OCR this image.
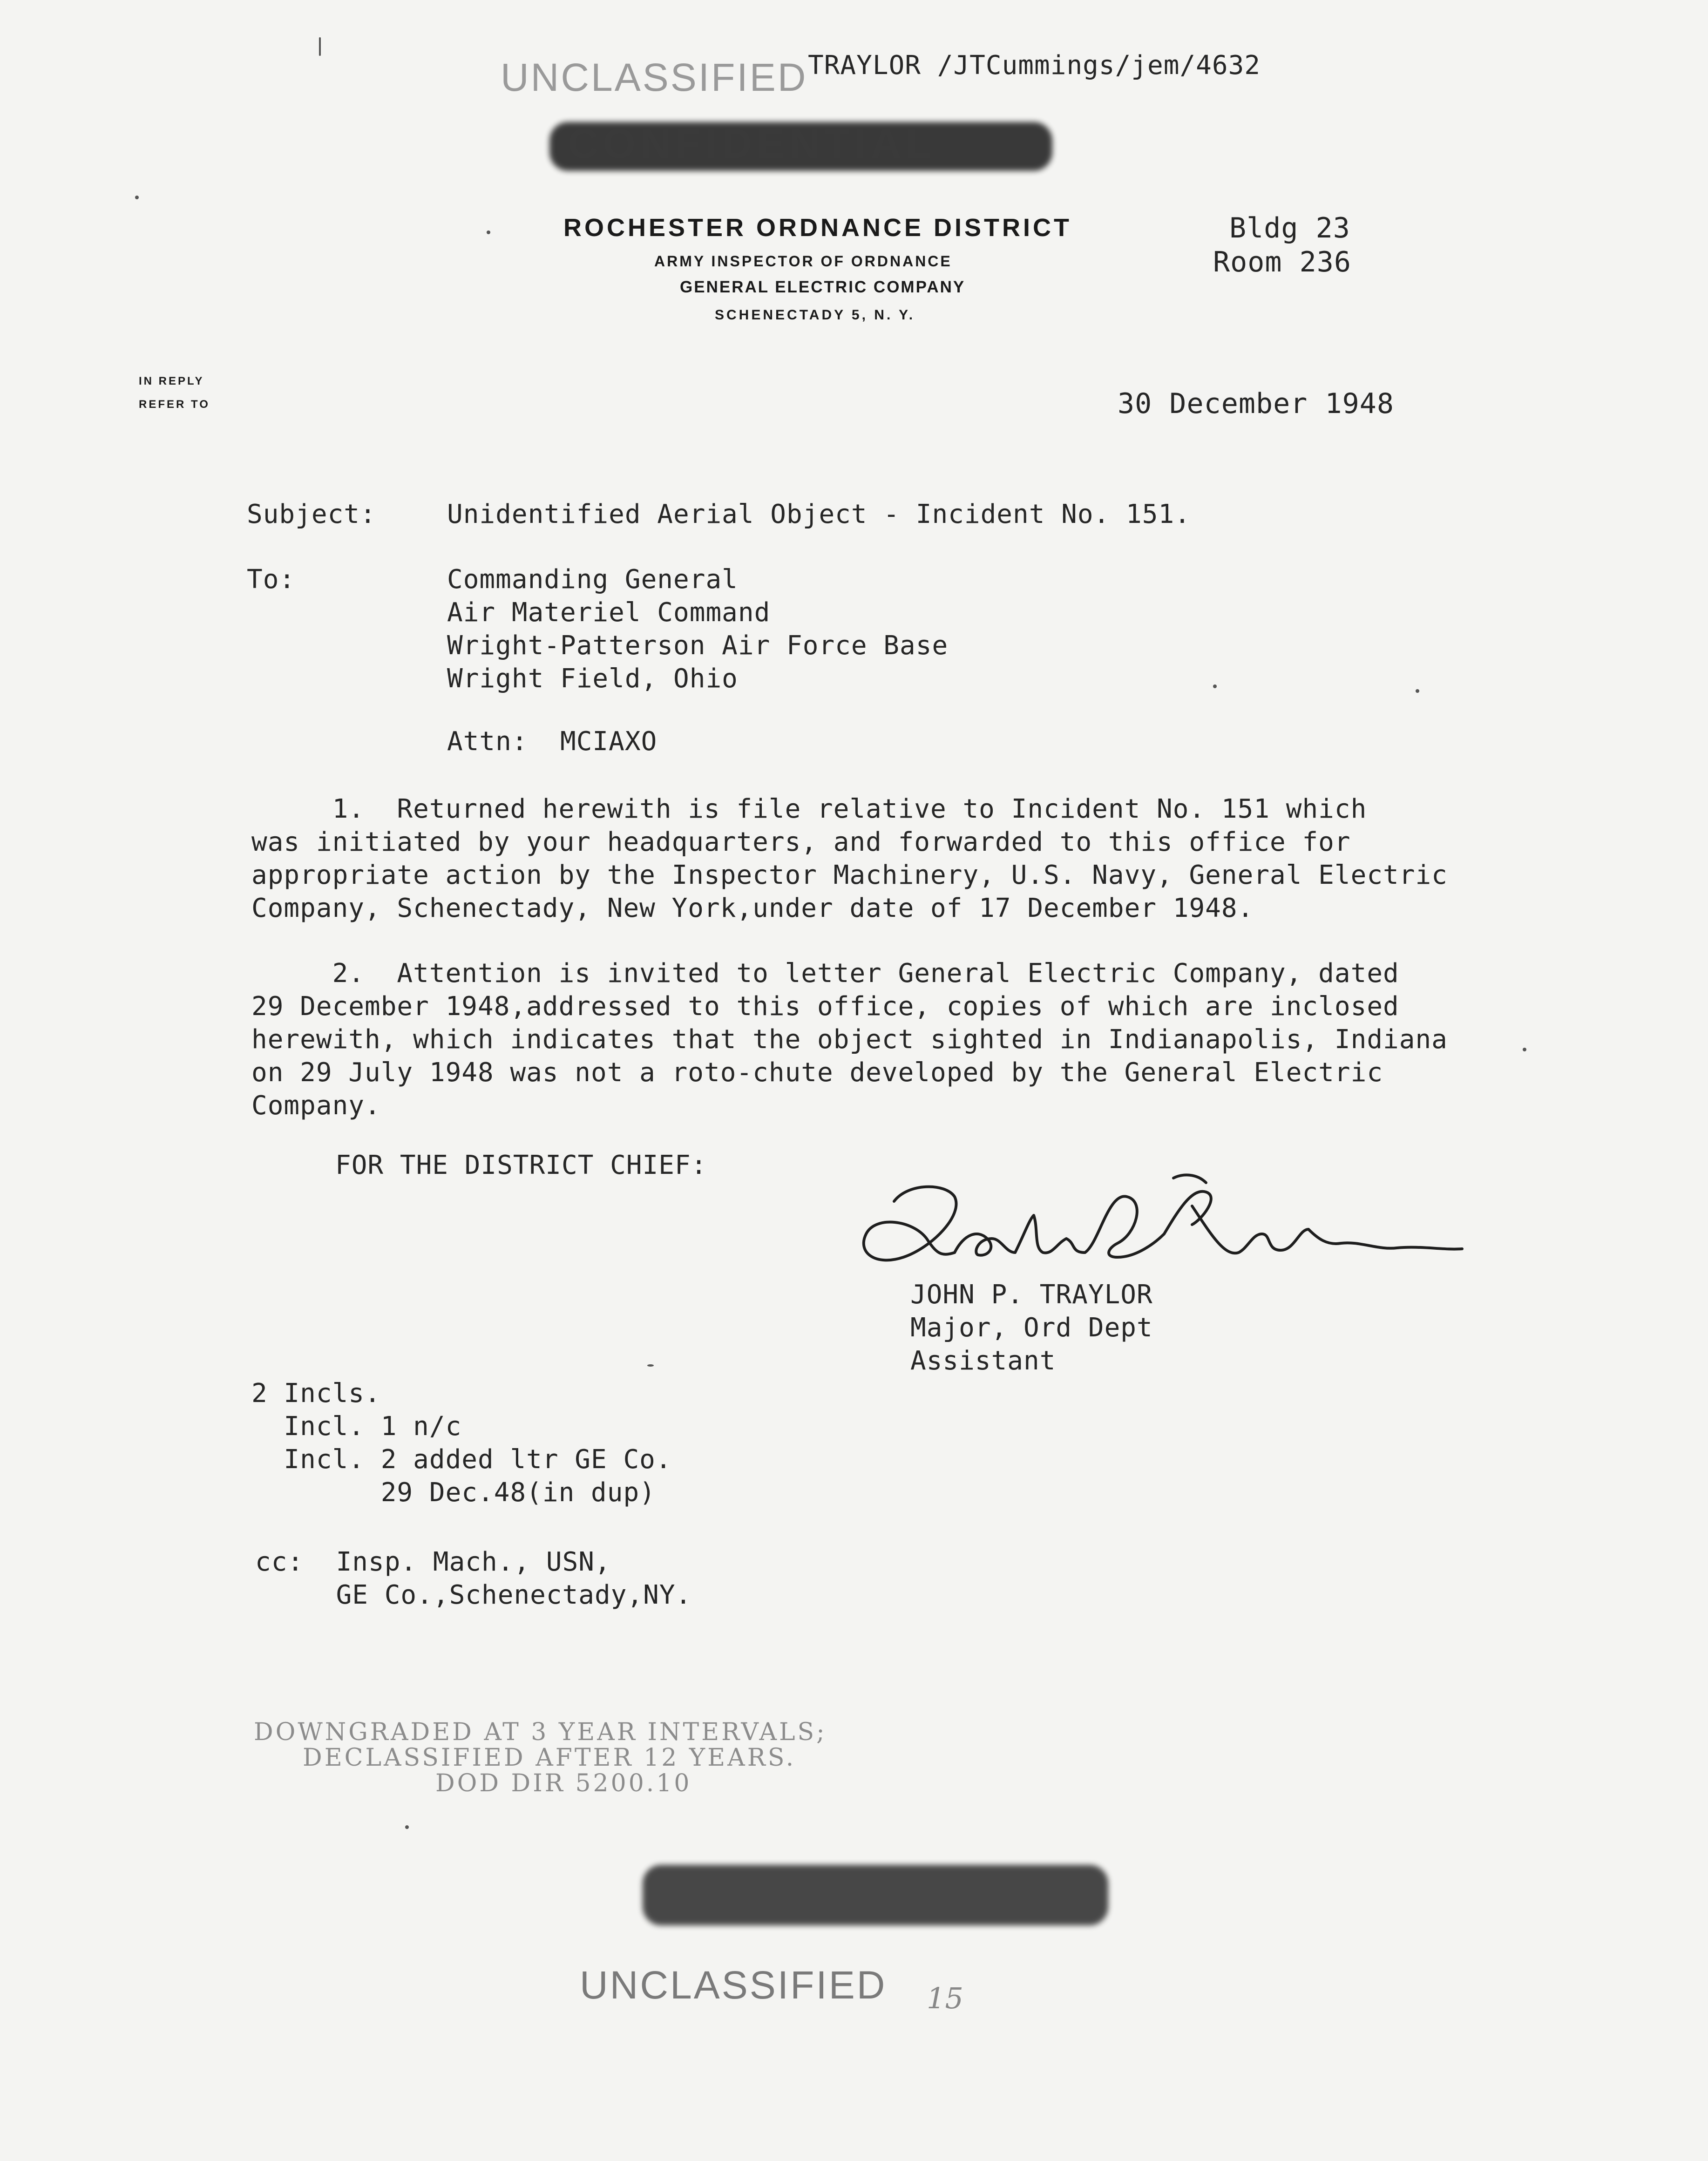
UNCLASSIFIED TRAYLOR /JTCummings/jem/4632
CONFIDENTIAL
ROCHESTER ORDNANCE DISTRICT
ARMY INSPECTOR OF ORDNANCE
GENERAL ELECTRIC COMPANY
SCHENECTADY 5, N. Y.
Bldg 23
Room 236
IN REPLY
REFER TO	30 December 1948
Subject:	Unidentified Aerial Object - Incident No. 151.
To:	Commanding General
Air Materiel Command
Wright-Patterson Air Force Base
Wright Field, Ohio
Attn:  MCIAXO
1.  Returned herewith is file relative to Incident No. 151 which
was initiated by your headquarters, and forwarded to this office for
appropriate action by the Inspector Machinery, U.S. Navy, General Electric
Company, Schenectady, New York,under date of 17 December 1948.
2.  Attention is invited to letter General Electric Company, dated
29 December 1948,addressed to this office, copies of which are inclosed
herewith, which indicates that the object sighted in Indianapolis, Indiana
on 29 July 1948 was not a roto-chute developed by the General Electric
Company.
FOR THE DISTRICT CHIEF:
JOHN P. TRAYLOR
Major, Ord Dept
Assistant
2 Incls.
Incl. 1 n/c
Incl. 2 added ltr GE Co.
29 Dec.48(in dup)
cc:  Insp. Mach., USN,
GE Co.,Schenectady,NY.
DOWNGRADED AT 3 YEAR INTERVALS;
DECLASSIFIED AFTER 12 YEARS.
DOD DIR 5200.10
UNCLASSIFIED 15
